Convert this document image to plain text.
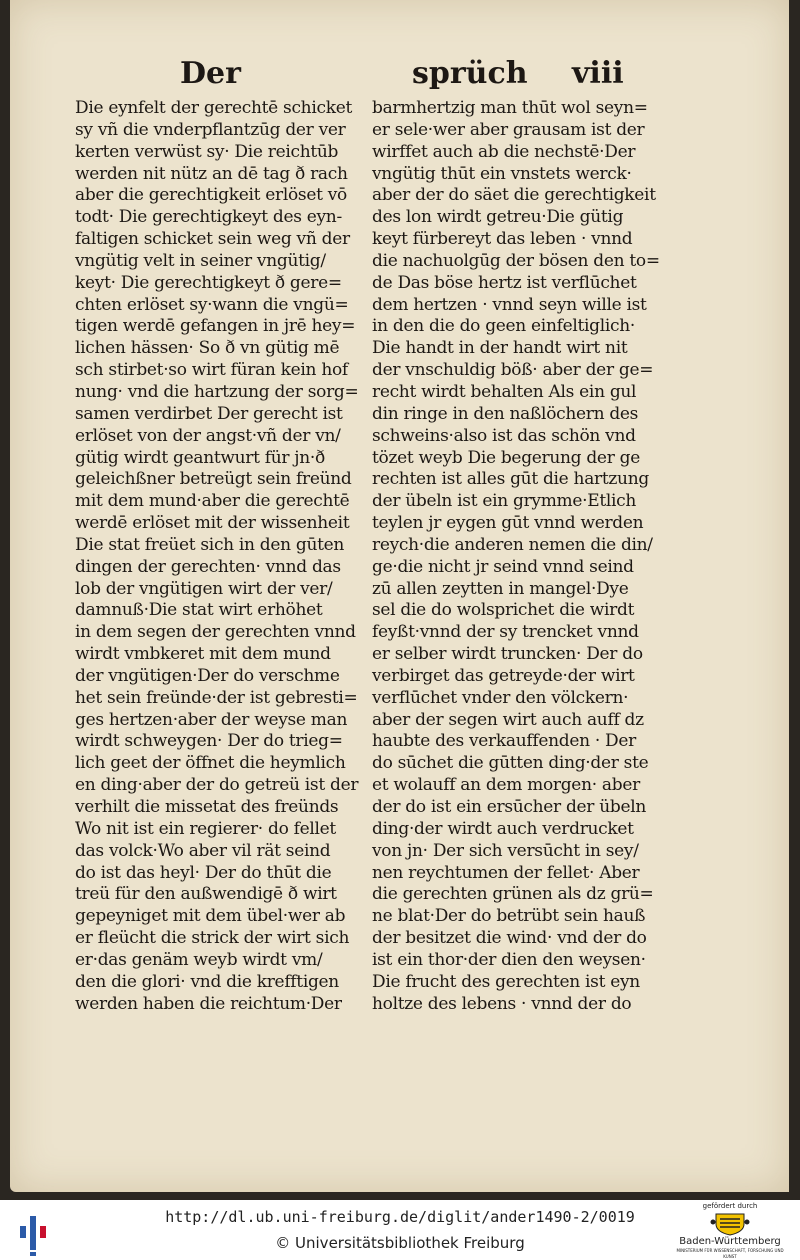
Der	sprüch viii
Die eynfelt der gerechtē schicket
sy vñ die vnderpflantzūg der ver
kerten verwüst sy· Die reichtūb
werden nit nütz an dē tag ð rach
aber die gerechtigkeit erlöset vō
todt· Die gerechtigkeyt des eyn-
faltigen schicket sein weg vñ der
vngütig velt in seiner vngütig/
keyt· Die gerechtigkeyt ð gere=
chten erlöset sy·wann die vngü=
tigen werdē gefangen in jrē hey=
lichen hässen· So ð vn gütig mē
sch stirbet·so wirt füran kein hof
nung· vnd die hartzung der sorg=
samen verdirbet Der gerecht ist
erlöset von der angst·vñ der vn/
gütig wirdt geantwurt für jn·ð
geleichßner betreügt sein freünd
mit dem mund·aber die gerechtē
werdē erlöset mit der wissenheit
Die stat freüet sich in den gūten
dingen der gerechten· vnnd das
lob der vngütigen wirt der ver/
damnuß·Die stat wirt erhöhet
in dem segen der gerechten vnnd
wirdt vmbkeret mit dem mund
der vngütigen·Der do verschme
het sein freünde·der ist gebresti=
ges hertzen·aber der weyse man
wirdt schweygen· Der do trieg=
lich geet der öffnet die heymlich
en ding·aber der do getreü ist der
verhilt die missetat des freünds
Wo nit ist ein regierer· do fellet
das volck·Wo aber vil rät seind
do ist das heyl· Der do thūt die
treü für den außwendigē ð wirt
gepeyniget mit dem übel·wer ab
er fleücht die strick der wirt sich
er·das genäm weyb wirdt vm/
den die glori· vnd die krefftigen
werden haben die reichtum·Der
barmhertzig man thūt wol seyn=
er sele·wer aber grausam ist der
wirffet auch ab die nechstē·Der
vngütig thūt ein vnstets werck·
aber der do säet die gerechtigkeit
des lon wirdt getreu·Die gütig
keyt fürbereyt das leben · vnnd
die nachuolgūg der bösen den to=
de Das böse hertz ist verflūchet
dem hertzen · vnnd seyn wille ist
in den die do geen einfeltiglich·
Die handt in der handt wirt nit
der vnschuldig böß· aber der ge=
recht wirdt behalten Als ein gul
din ringe in den naßlöchern des
schweins·also ist das schön vnd
tözet weyb Die begerung der ge
rechten ist alles gūt die hartzung
der übeln ist ein grymme·Etlich
teylen jr eygen gūt vnnd werden
reych·die anderen nemen die din/
ge·die nicht jr seind vnnd seind
zū allen zeytten in mangel·Dye
sel die do wolsprichet die wirdt
feyßt·vnnd der sy trencket vnnd
er selber wirdt truncken· Der do
verbirget das getreyde·der wirt
verflūchet vnder den völckern·
aber der segen wirt auch auff dz
haubte des verkauffenden · Der
do sūchet die gūtten ding·der ste
et wolauff an dem morgen· aber
der do ist ein ersūcher der übeln
ding·der wirdt auch verdrucket
von jn· Der sich versūcht in sey/
nen reychtumen der fellet· Aber
die gerechten grünen als dz grü=
ne blat·Der do betrübt sein hauß
der besitzet die wind· vnd der do
ist ein thor·der dien den weysen·
Die frucht des gerechten ist eyn
holtze des lebens · vnnd der do
http://dl.ub.uni-freiburg.de/diglit/ander1490-2/0019
© Universitätsbibliothek Freiburg
gefördert durch
Baden-Württemberg
MINISTERIUM FÜR WISSENSCHAFT, FORSCHUNG UND KUNST
